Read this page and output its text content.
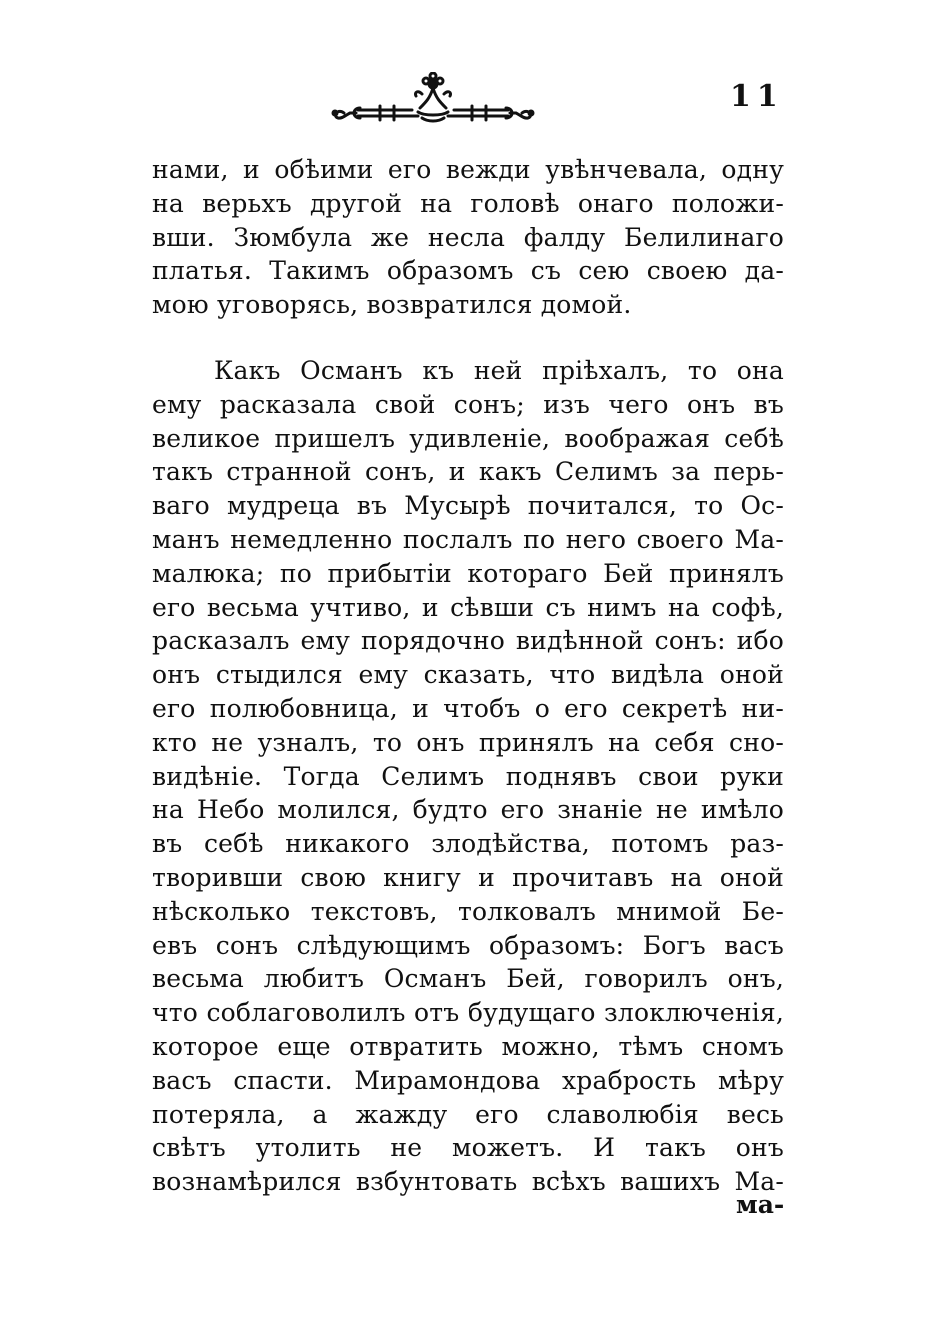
11
нами, и обѣими его вежди увѣнчевала, одну
на верьхъ другой на головѣ онаго положи-
вши. Зюмбула же несла фалду Белилинаго
платья. Такимъ образомъ съ сею своею да-
мою уговорясь, возвратился домой.
Какъ Османъ къ ней прiѣхалъ, то она
ему расказала свой сонъ; изъ чего онъ въ
великое пришелъ удивленiе, воображая себѣ
такъ странной сонъ, и какъ Селимъ за перь-
ваго мудреца въ Мусырѣ почитался, то Ос-
манъ немедленно послалъ по него своего Ма-
малюка; по прибытiи котораго Бей принялъ
его весьма учтиво, и сѣвши съ нимъ на софѣ,
расказалъ ему порядочно видѣнной сонъ: ибо
онъ стыдился ему сказать, что видѣла оной
его полюбовница, и чтобъ о его секретѣ ни-
кто не узналъ, то онъ принялъ на себя сно-
видѣнiе. Тогда Селимъ поднявъ свои руки
на Небо молился, будто его знанiе не имѣло
въ себѣ никакого злодѣйства, потомъ раз-
творивши свою книгу и прочитавъ на оной
нѣсколько текстовъ, толковалъ мнимой Бе-
евъ сонъ слѣдующимъ образомъ: Богъ васъ
весьма любитъ Османъ Бей, говорилъ онъ,
что соблаговолилъ отъ будущаго злоключенiя,
которое еще отвратить можно, тѣмъ сномъ
васъ спасти. Мирамондова храбрость мѣру
потеряла, а жажду его славолюбiя весь
свѣтъ утолить не можетъ. И такъ онъ
вознамѣрился взбунтовать всѣхъ вашихъ Ма-
ма-
